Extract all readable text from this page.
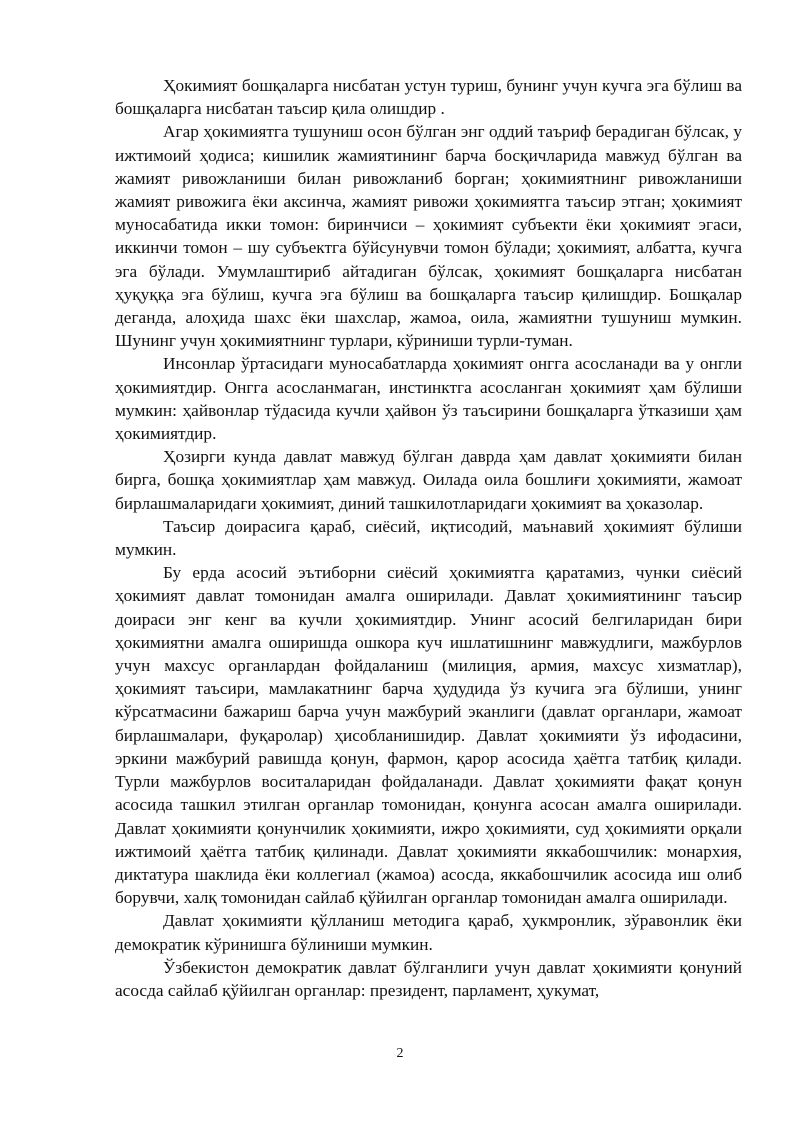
Ҳокимият бошқаларга нисбатан устун туриш, бунинг учун кучга эга бўлиш ва бошқаларга нисбатан таъсир қила олишдир .

Агар ҳокимиятга тушуниш осон бўлган энг оддий таъриф берадиган бўлсак, у ижтимоий ҳодиса; кишилик жамиятининг барча босқичларида мавжуд бўлган ва жамият ривожланиши билан ривожланиб борган; ҳокимиятнинг ривожланиши жамият ривожига ёки аксинча, жамият ривожи ҳокимиятга таъсир этган; ҳокимият муносабатида икки томон: биринчиси – ҳокимият субъекти ёки ҳокимият эгаси, иккинчи томон – шу субъектга бўйсунувчи томон бўлади; ҳокимият, албатта, кучга эга бўлади. Умумлаштириб айтадиган бўлсак, ҳокимият бошқаларга нисбатан ҳуқуққа эга бўлиш, кучга эга бўлиш ва бошқаларга таъсир қилишдир. Бошқалар деганда, алоҳида шахс ёки шахслар, жамоа, оила, жамиятни тушуниш мумкин. Шунинг учун ҳокимиятнинг турлари, кўриниши турли-туман.

Инсонлар ўртасидаги муносабатларда ҳокимият онгга асосланади ва у онгли ҳокимиятдир. Онгга асосланмаган, инстинктга асосланган ҳокимият ҳам бўлиши мумкин: ҳайвонлар тўдасида кучли ҳайвон ўз таъсирини бошқаларга ўтказиши ҳам ҳокимиятдир.

Ҳозирги кунда давлат мавжуд бўлган даврда ҳам давлат ҳокимияти билан бирга, бошқа ҳокимиятлар ҳам мавжуд. Оилада оила бошлиғи ҳокимияти, жамоат бирлашмаларидаги ҳокимият, диний ташкилотларидаги ҳокимият ва ҳоказолар.

Таъсир доирасига қараб, сиёсий, иқтисодий, маънавий ҳокимият бўлиши мумкин.

Бу ерда асосий эътиборни сиёсий ҳокимиятга қаратамиз, чунки сиёсий ҳокимият давлат томонидан амалга оширилади. Давлат ҳокимиятининг таъсир доираси энг кенг ва кучли ҳокимиятдир. Унинг асосий белгиларидан бири ҳокимиятни амалга оширишда ошкора куч ишлатишнинг мавжудлиги, мажбурлов учун махсус органлардан фойдаланиш (милиция, армия, махсус хизматлар), ҳокимият таъсири, мамлакатнинг барча ҳудудида ўз кучига эга бўлиши, унинг кўрсатмасини бажариш барча учун мажбурий эканлиги (давлат органлари, жамоат бирлашмалари, фуқаролар) ҳисобланишидир. Давлат ҳокимияти ўз ифодасини, эркини мажбурий равишда қонун, фармон, қарор асосида ҳаётга татбиқ қилади. Турли мажбурлов воситаларидан фойдаланади. Давлат ҳокимияти фақат қонун асосида ташкил этилган органлар томонидан, қонунга асосан амалга оширилади. Давлат ҳокимияти қонунчилик ҳокимияти, ижро ҳокимияти, суд ҳокимияти орқали ижтимоий ҳаётга татбиқ қилинади. Давлат ҳокимияти яккабошчилик: монархия, диктатура шаклида ёки коллегиал (жамоа) асосда, яккабошчилик асосида иш олиб борувчи, халқ томонидан сайлаб қўйилган органлар томонидан амалга оширилади.

Давлат ҳокимияти қўлланиш методига қараб, ҳукмронлик, зўравонлик ёки демократик кўринишга бўлиниши мумкин.

Ўзбекистон демократик давлат бўлганлиги учун давлат ҳокимияти қонуний асосда сайлаб қўйилган органлар: президент, парламент, ҳукумат,

2
